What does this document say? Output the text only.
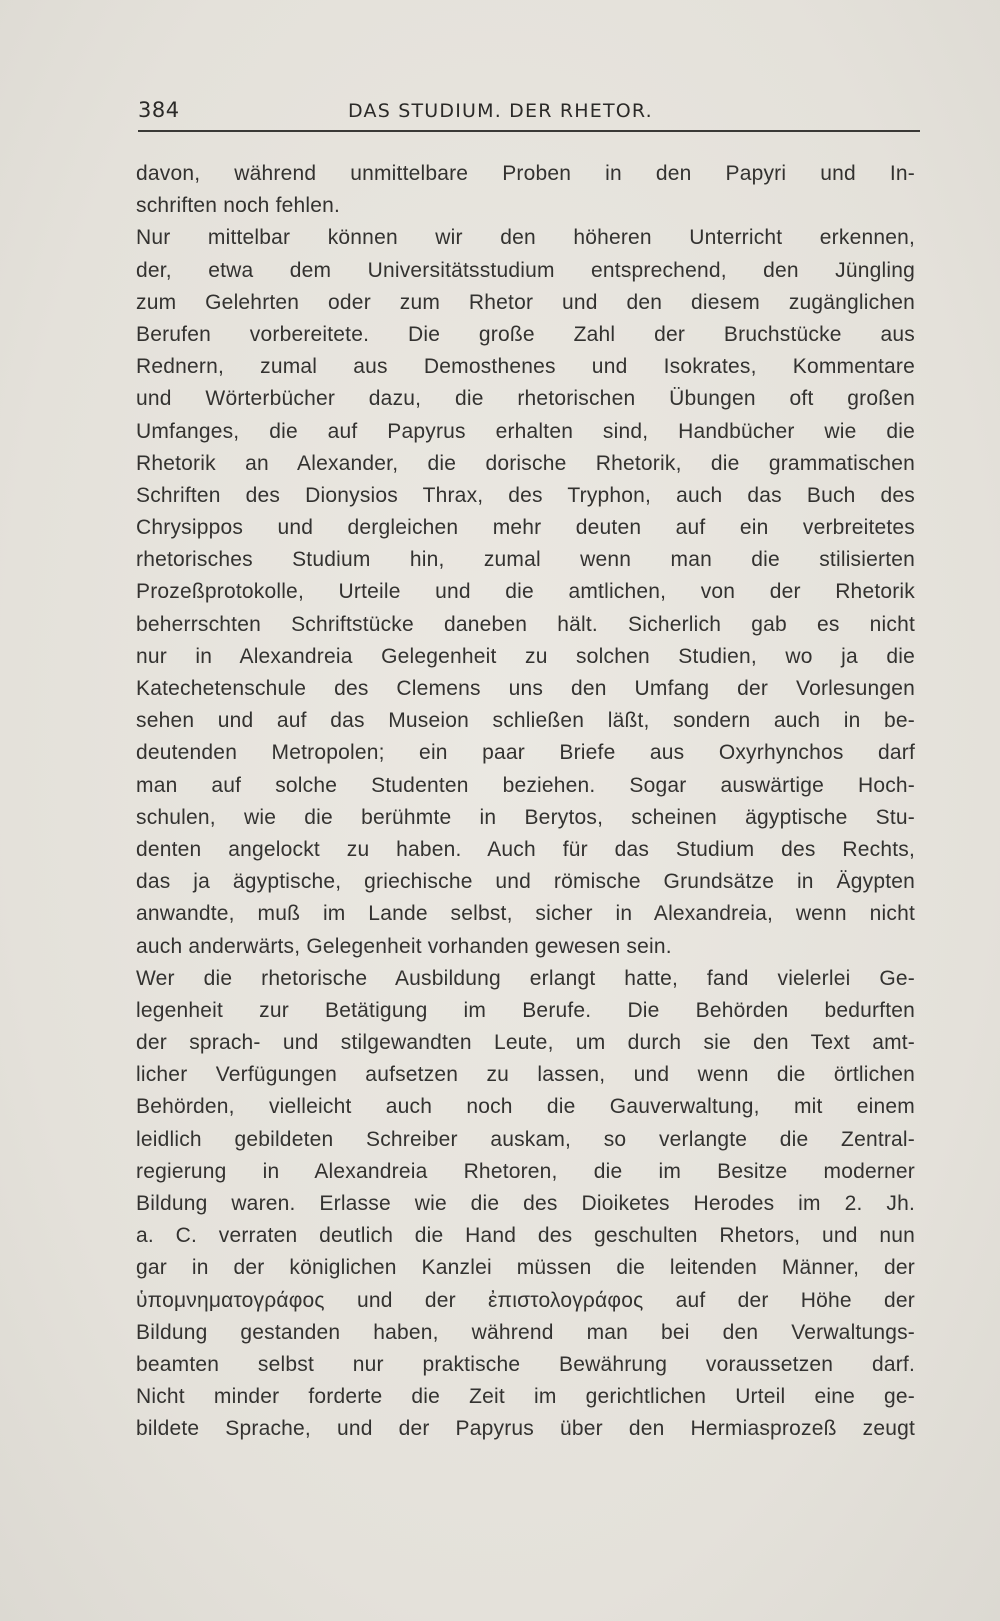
384	DAS STUDIUM. DER RHETOR.
davon, während unmittelbare Proben in den Papyri und In-
schriften noch fehlen.
Nur mittelbar können wir den höheren Unterricht erkennen,
der, etwa dem Universitätsstudium entsprechend, den Jüngling
zum Gelehrten oder zum Rhetor und den diesem zugänglichen
Berufen vorbereitete. Die große Zahl der Bruchstücke aus
Rednern, zumal aus Demosthenes und Isokrates, Kommentare
und Wörterbücher dazu, die rhetorischen Übungen oft großen
Umfanges, die auf Papyrus erhalten sind, Handbücher wie die
Rhetorik an Alexander, die dorische Rhetorik, die grammatischen
Schriften des Dionysios Thrax, des Tryphon, auch das Buch des
Chrysippos und dergleichen mehr deuten auf ein verbreitetes
rhetorisches Studium hin, zumal wenn man die stilisierten
Prozeßprotokolle, Urteile und die amtlichen, von der Rhetorik
beherrschten Schriftstücke daneben hält. Sicherlich gab es nicht
nur in Alexandreia Gelegenheit zu solchen Studien, wo ja die
Katechetenschule des Clemens uns den Umfang der Vorlesungen
sehen und auf das Museion schließen läßt, sondern auch in be-
deutenden Metropolen; ein paar Briefe aus Oxyrhynchos darf
man auf solche Studenten beziehen. Sogar auswärtige Hoch-
schulen, wie die berühmte in Berytos, scheinen ägyptische Stu-
denten angelockt zu haben. Auch für das Studium des Rechts,
das ja ägyptische, griechische und römische Grundsätze in Ägypten
anwandte, muß im Lande selbst, sicher in Alexandreia, wenn nicht
auch anderwärts, Gelegenheit vorhanden gewesen sein.
Wer die rhetorische Ausbildung erlangt hatte, fand vielerlei Ge-
legenheit zur Betätigung im Berufe. Die Behörden bedurften
der sprach- und stilgewandten Leute, um durch sie den Text amt-
licher Verfügungen aufsetzen zu lassen, und wenn die örtlichen
Behörden, vielleicht auch noch die Gauverwaltung, mit einem
leidlich gebildeten Schreiber auskam, so verlangte die Zentral-
regierung in Alexandreia Rhetoren, die im Besitze moderner
Bildung waren. Erlasse wie die des Dioiketes Herodes im 2. Jh.
a. C. verraten deutlich die Hand des geschulten Rhetors, und nun
gar in der königlichen Kanzlei müssen die leitenden Männer, der
ὑπομνηματογράφος und der ἐπιστολογράφος auf der Höhe der
Bildung gestanden haben, während man bei den Verwaltungs-
beamten selbst nur praktische Bewährung voraussetzen darf.
Nicht minder forderte die Zeit im gerichtlichen Urteil eine ge-
bildete Sprache, und der Papyrus über den Hermiasprozeß zeugt
